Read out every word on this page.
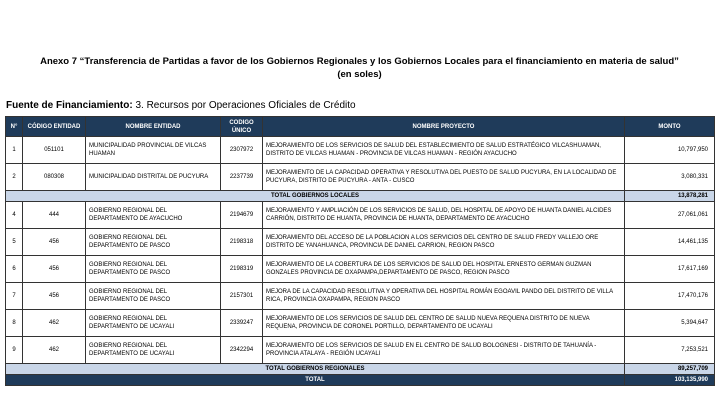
Anexo 7 “Transferencia de Partidas a favor de los Gobiernos Regionales y los Gobiernos Locales para el financiamiento en materia de salud”
(en soles)
Fuente de Financiamiento: 3. Recursos por Operaciones Oficiales de Crédito
N°	CÓDIGO ENTIDAD	NOMBRE ENTIDAD	CODIGO ÚNICO	NOMBRE PROYECTO	MONTO
1	051101	MUNICIPALIDAD PROVINCIAL DE VILCAS HUAMAN	2307972	MEJORAMIENTO DE LOS SERVICIOS DE SALUD DEL ESTABLECIMIENTO DE SALUD ESTRATÉGICO VILCASHUAMAN, DISTRITO DE VILCAS HUAMAN - PROVINCIA DE VILCAS HUAMAN - REGIÓN AYACUCHO	10,797,950
2	080308	MUNICIPALIDAD DISTRITAL DE PUCYURA	2237739	MEJORAMIENTO DE LA CAPACIDAD OPERATIVA Y RESOLUTIVA DEL PUESTO DE SALUD PUCYURA, EN LA LOCALIDAD DE PUCYURA, DISTRITO DE PUCYURA - ANTA - CUSCO	3,080,331
TOTAL GOBIERNOS LOCALES					13,878,281
4	444	GOBIERNO REGIONAL DEL DEPARTAMENTO DE AYACUCHO	2194679	MEJORAMIENTO Y AMPLIACIÓN DE LOS SERVICIOS DE SALUD, DEL HOSPITAL DE APOYO DE HUANTA DANIEL ALCIDES CARRIÓN, DISTRITO DE HUANTA, PROVINCIA DE HUANTA, DEPARTAMENTO DE AYACUCHO	27,061,061
5	456	GOBIERNO REGIONAL DEL DEPARTAMENTO DE PASCO	2198318	MEJORAMIENTO DEL ACCESO DE LA POBLACION A LOS SERVICIOS DEL CENTRO DE SALUD FREDY VALLEJO ORE DISTRITO DE YANAHUANCA, PROVINCIA DE DANIEL CARRION, REGION PASCO	14,461,135
6	456	GOBIERNO REGIONAL DEL DEPARTAMENTO DE PASCO	2198319	MEJORAMIENTO DE LA COBERTURA DE LOS SERVICIOS DE SALUD DEL HOSPITAL ERNESTO GERMAN GUZMAN GONZALES PROVINCIA DE OXAPAMPA,DEPARTAMENTO DE PASCO, REGION PASCO	17,617,169
7	456	GOBIERNO REGIONAL DEL DEPARTAMENTO DE PASCO	2157301	MEJORA DE LA CAPACIDAD RESOLUTIVA Y OPERATIVA DEL HOSPITAL ROMÁN EGOAVIL PANDO DEL DISTRITO DE VILLA RICA, PROVINCIA OXAPAMPA, REGION PASCO	17,470,176
8	462	GOBIERNO REGIONAL DEL DEPARTAMENTO DE UCAYALI	2339247	MEJORAMIENTO DE LOS SERVICIOS DE SALUD DEL CENTRO DE SALUD NUEVA REQUENA DISTRITO DE NUEVA REQUENA, PROVINCIA DE CORONEL PORTILLO, DEPARTAMENTO DE UCAYALI	5,394,647
9	462	GOBIERNO REGIONAL DEL DEPARTAMENTO DE UCAYALI	2342294	MEJORAMIENTO DE LOS SERVICIOS DE SALUD EN EL CENTRO DE SALUD BOLOGNESI - DISTRITO DE TAHUANÍA - PROVINCIA ATALAYA - REGIÓN UCAYALI	7,253,521
TOTAL GOBIERNOS REGIONALES					89,257,709
TOTAL					103,135,990
